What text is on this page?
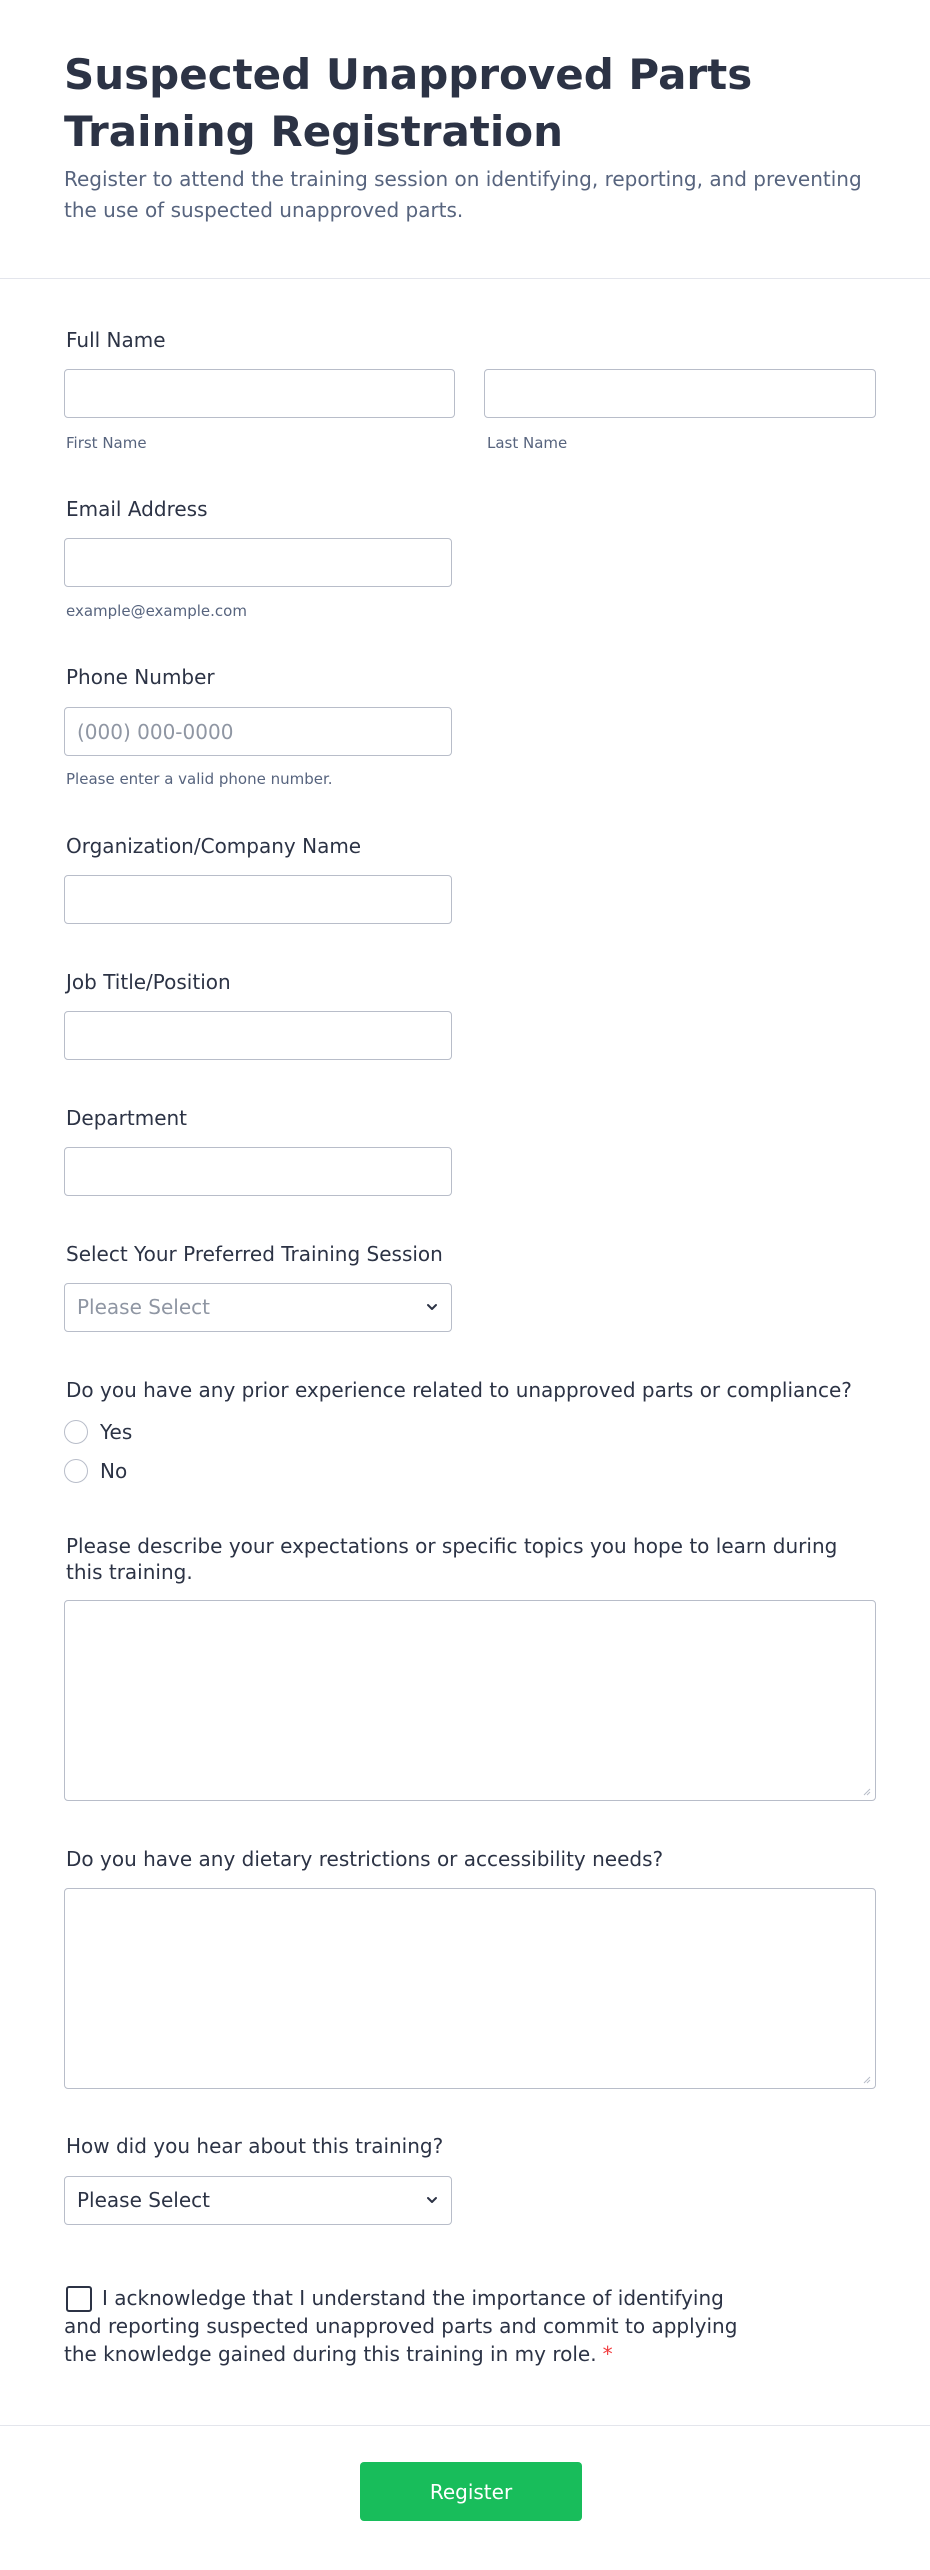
Suspected Unapproved Parts Training Registration

Register to attend the training session on identifying, reporting, and preventing the use of suspected unapproved parts.

Full Name
First Name	Last Name
Email Address
example@example.com
Phone Number
(000) 000-0000
Please enter a valid phone number.
Organization/Company Name
Job Title/Position
Department
Select Your Preferred Training Session
Please Select
Do you have any prior experience related to unapproved parts or compliance?
Yes
No
Please describe your expectations or specific topics you hope to learn during this training.
Do you have any dietary restrictions or accessibility needs?
How did you hear about this training?
Please Select
I acknowledge that I understand the importance of identifying and reporting suspected unapproved parts and commit to applying the knowledge gained during this training in my role. *
Register
